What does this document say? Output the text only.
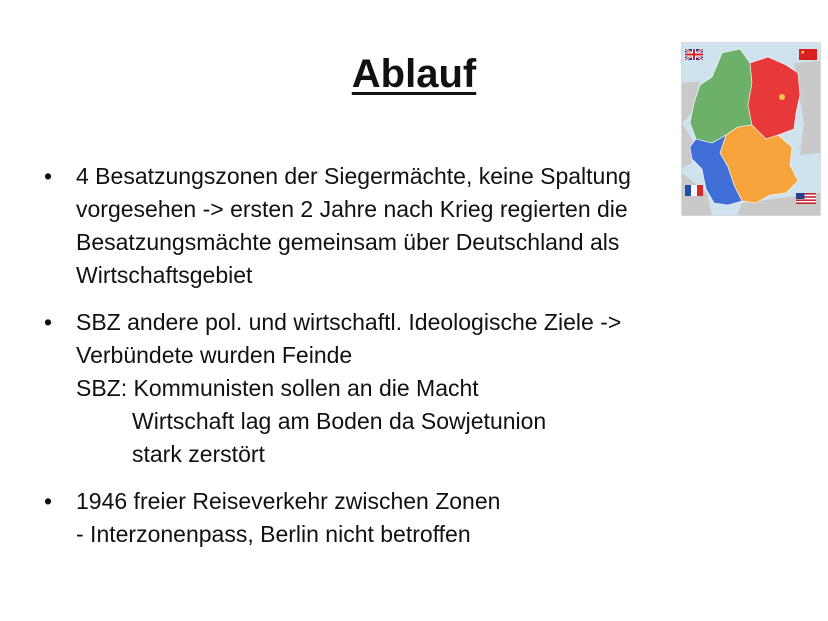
Ablauf
• 4 Besatzungszonen der Siegermächte, keine Spaltung
vorgesehen -> ersten 2 Jahre nach Krieg regierten die
Besatzungsmächte gemeinsam über Deutschland als
Wirtschaftsgebiet
• SBZ andere pol. und wirtschaftl. Ideologische Ziele ->
Verbündete wurden Feinde
SBZ: Kommunisten sollen an die Macht
Wirtschaft lag am Boden da Sowjetunion
stark zerstört
• 1946 freier Reiseverkehr zwischen Zonen
- Interzonenpass, Berlin nicht betroffen
